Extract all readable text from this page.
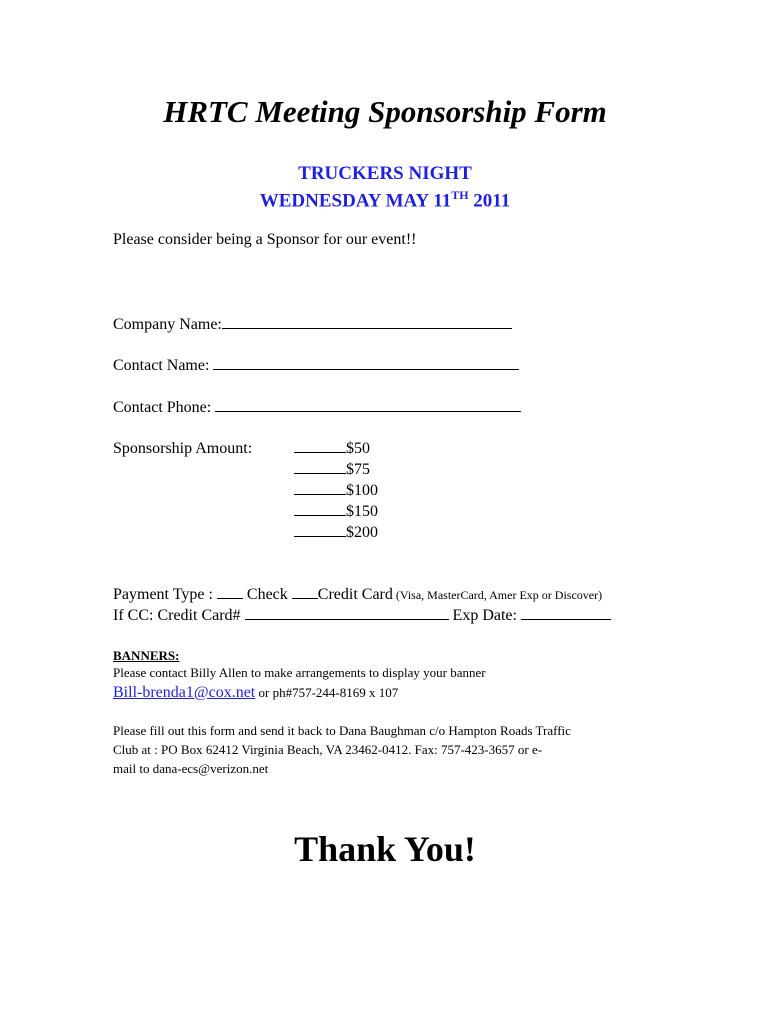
HRTC Meeting Sponsorship Form
TRUCKERS NIGHT
WEDNESDAY MAY 11TH 2011
Please consider being a Sponsor for our event!!
Company Name:
Contact Name:
Contact Phone:
Sponsorship Amount:	$50
$75
$100
$150
$200
Payment Type :  Check Credit Card (Visa, MasterCard, Amer Exp or Discover)
If CC: Credit Card#	Exp Date:
BANNERS:
Please contact Billy Allen to make arrangements to display your banner
Bill-brenda1@cox.net or ph#757-244-8169 x 107
Please fill out this form and send it back to Dana Baughman c/o Hampton Roads Traffic
Club at : PO Box 62412 Virginia Beach, VA 23462-0412. Fax: 757-423-3657 or e-
mail to dana-ecs@verizon.net
Thank You!
